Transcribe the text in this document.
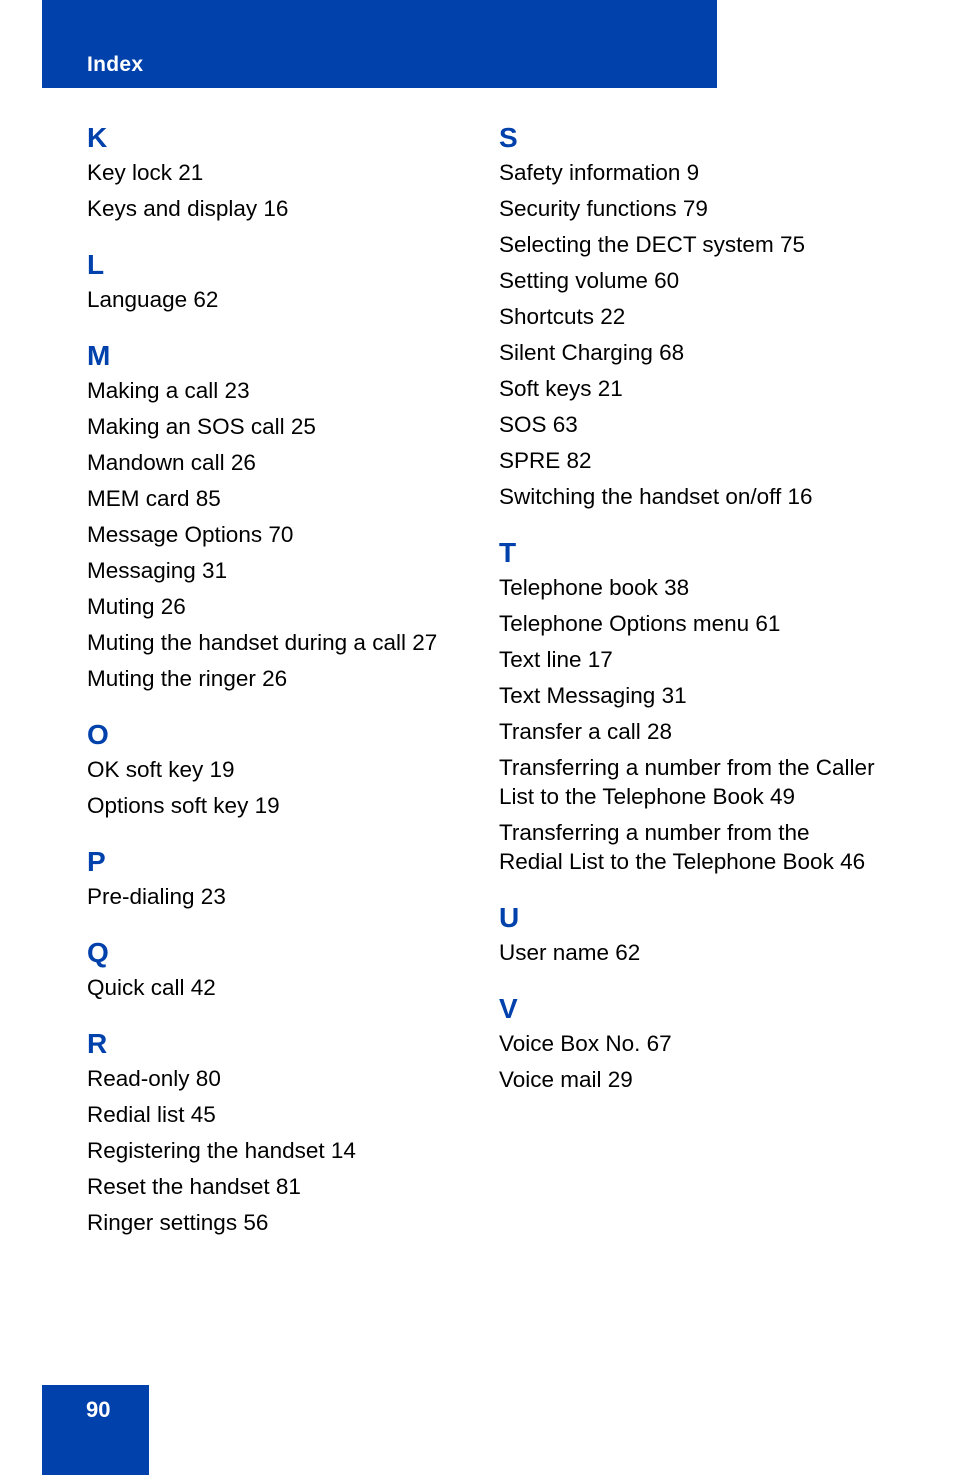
Index
K
Key lock 21
Keys and display 16
L
Language 62
M
Making a call 23
Making an SOS call 25
Mandown call 26
MEM card 85
Message Options 70
Messaging 31
Muting 26
Muting the handset during a call 27
Muting the ringer 26
O
OK soft key 19
Options soft key 19
P
Pre-dialing 23
Q
Quick call 42
R
Read-only 80
Redial list 45
Registering the handset 14
Reset the handset 81
Ringer settings 56
S
Safety information 9
Security functions 79
Selecting the DECT system 75
Setting volume 60
Shortcuts 22
Silent Charging 68
Soft keys 21
SOS 63
SPRE 82
Switching the handset on/off 16
T
Telephone book 38
Telephone Options menu 61
Text line 17
Text Messaging 31
Transfer a call 28
Transferring a number from the Caller List to the Telephone Book 49
Transferring a number from the Redial List to the Telephone Book 46
U
User name 62
V
Voice Box No. 67
Voice mail 29
90
